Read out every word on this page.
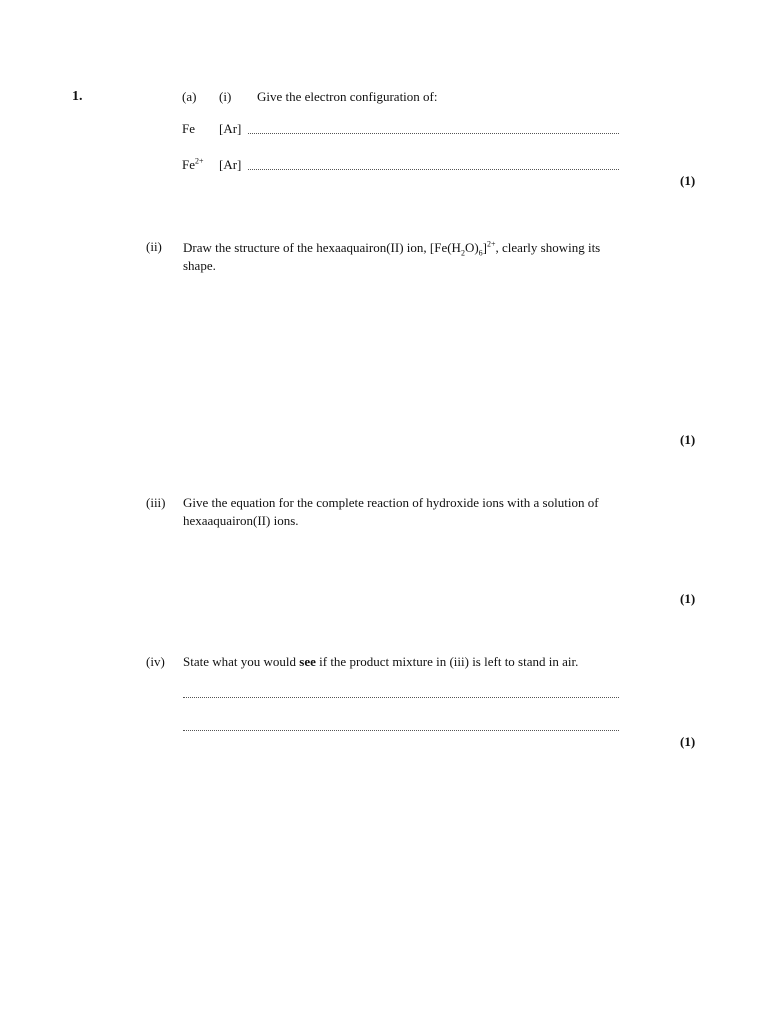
1.	(a) (i) Give the electron configuration of:
Fe [Ar]
$Fe^{2+}$ [Ar]
(1)
(ii) Draw the structure of the hexaaquairon(II) ion, $[Fe(H_2O)_6]^{2+}$, clearly showing its
shape.
(1)
(iii) Give the equation for the complete reaction of hydroxide ions with a solution of
hexaaquairon(II) ions.
(1)
(iv) State what you would see if the product mixture in (iii) is left to stand in air.
(1)
